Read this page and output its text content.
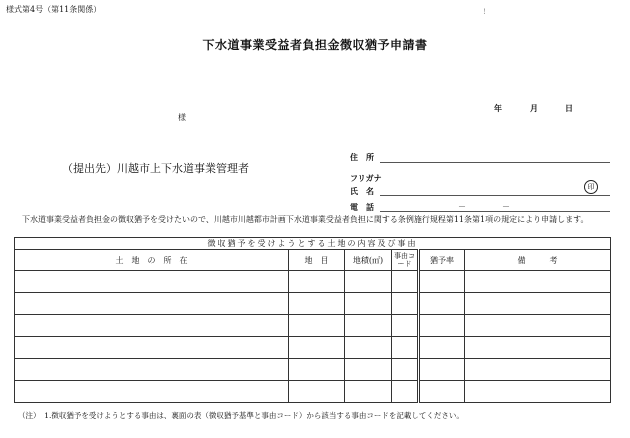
様式第4号（第11条関係）	!
下水道事業受益者負担金徴収猶予申請書
年	月	日
様
（提出先）川越市上下水道事業管理者
住　所
フリガナ
氏　名	印
電　話	－	－
下水道事業受益者負担金の徴収猶予を受けたいので、川越市川越都市計画下水道事業受益者負担に関する条例施行規程第11条第1項の規定により申請します。
徴収猶予を受けようとする土地の内容及び事由					
土　地　の　所　在	地　目	地積(㎡)	事由コード	猶予率	備　　　考

（注）　1.徴収猶予を受けようとする事由は、裏面の表（徴収猶予基準と事由コード）から該当する事由コードを記載してください。
